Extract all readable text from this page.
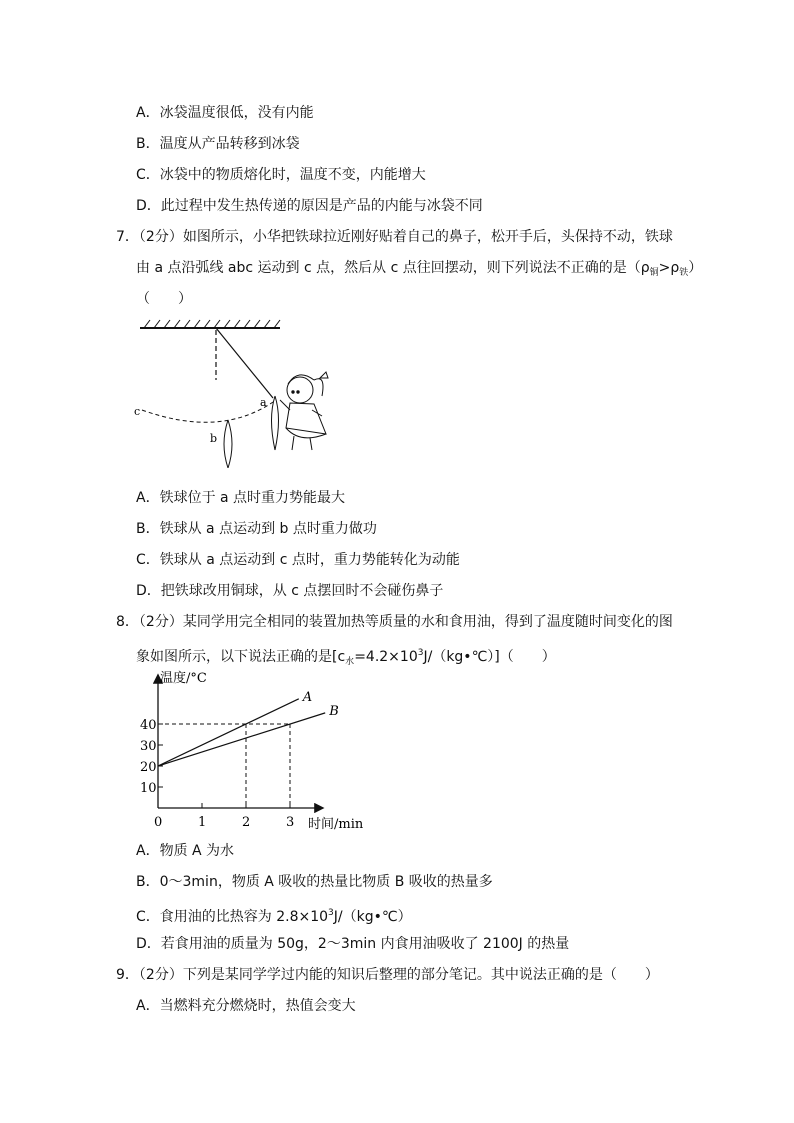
A．冰袋温度很低，没有内能
B．温度从产品转移到冰袋
C．冰袋中的物质熔化时，温度不变，内能增大
D．此过程中发生热传递的原因是产品的内能与冰袋不同
7．（2分）如图所示，小华把铁球拉近刚好贴着自己的鼻子，松开手后，头保持不动，铁球
由 a 点沿弧线 abc 运动到 c 点，然后从 c 点往回摆动，则下列说法不正确的是$(\rho_铜>\rho_铁)$
（　　）
c
b
a
A．铁球位于 a 点时重力势能最大
B．铁球从 a 点运动到 b 点时重力做功
C．铁球从 a 点运动到 c 点时，重力势能转化为动能
D．把铁球改用铜球，从 c 点摆回时不会碰伤鼻子
8．（2分）某同学用完全相同的装置加热等质量的水和食用油，得到了温度随时间变化的图
象如图所示，以下说法正确的是$[c_水=4.2\times 10^3J/(kg•℃)]$（　　）
A
B
0	1	2	3
10
20
30
40
温度/°C
时间/min
A．物质 A 为水
B．0～3min，物质 A 吸收的热量比物质 B 吸收的热量多
C．食用油的比热容为 $2.8\times 10^3J/(kg•℃)$
D．若食用油的质量为 50g，2～3min 内食用油吸收了 2100J 的热量
9．（2分）下列是某同学学过内能的知识后整理的部分笔记。其中说法正确的是（　　）
A．当燃料充分燃烧时，热值会变大
